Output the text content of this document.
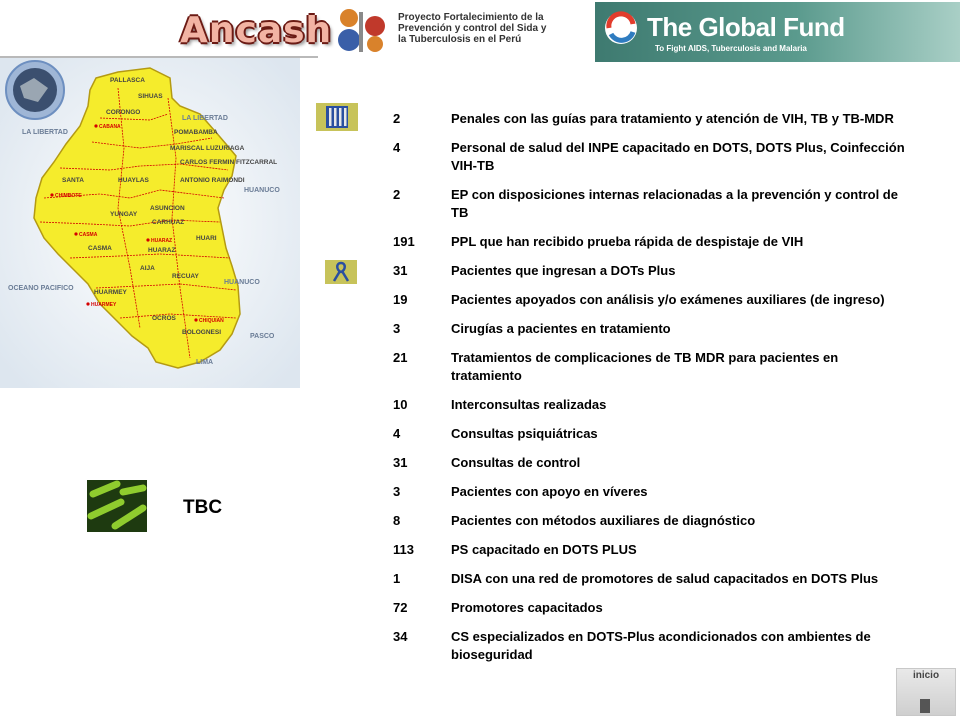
Ancash	Proyecto Fortalecimiento de la
Prevención y control del Sida y
la Tuberculosis en el Perú	The Global Fund
To Fight AIDS, Tuberculosis and Malaria
PALLASCA
SIHUAS
CORONGO
POMABAMBA
MARISCAL LUZURIAGA
SANTA	HUAYLAS
CARLOS FERMIN FITZCARRAL
ANTONIO RAIMONDI
YUNGAY
ASUNCION
CARHUAZ
HUARI
CASMA	HUARAZ
AIJA
RECUAY
HUARMEY
OCROS
BOLOGNESI
CHIMBOTE
CABANA
CASMA
HUARMEY
HUARAZ
CHIQUIAN
LA LIBERTAD
LA LIBERTAD
HUANUCO
HUANUCO
OCEANO PACIFICO
PASCO
LIMA
TBC
2	Penales con las guías para tratamiento y atención de VIH, TB y TB-MDR
4	Personal de salud del INPE capacitado en DOTS, DOTS Plus, Coinfección VIH-TB
2	EP con disposiciones internas relacionadas a la prevención y control de TB
191	PPL que han recibido prueba rápida de despistaje de VIH
31	Pacientes que ingresan a DOTs Plus
19	Pacientes apoyados con análisis y/o exámenes auxiliares (de ingreso)
3	Cirugías a pacientes en tratamiento
21	Tratamientos de complicaciones de TB MDR para pacientes en tratamiento
10	Interconsultas realizadas
4	Consultas psiquiátricas
31	Consultas de control
3	Pacientes con apoyo en víveres
8	Pacientes con métodos auxiliares de diagnóstico
113	PS capacitado en DOTS PLUS
1	DISA con una red de promotores de salud capacitados en DOTS Plus
72	Promotores capacitados
34	CS especializados en DOTS-Plus acondicionados con ambientes de bioseguridad
inicio
